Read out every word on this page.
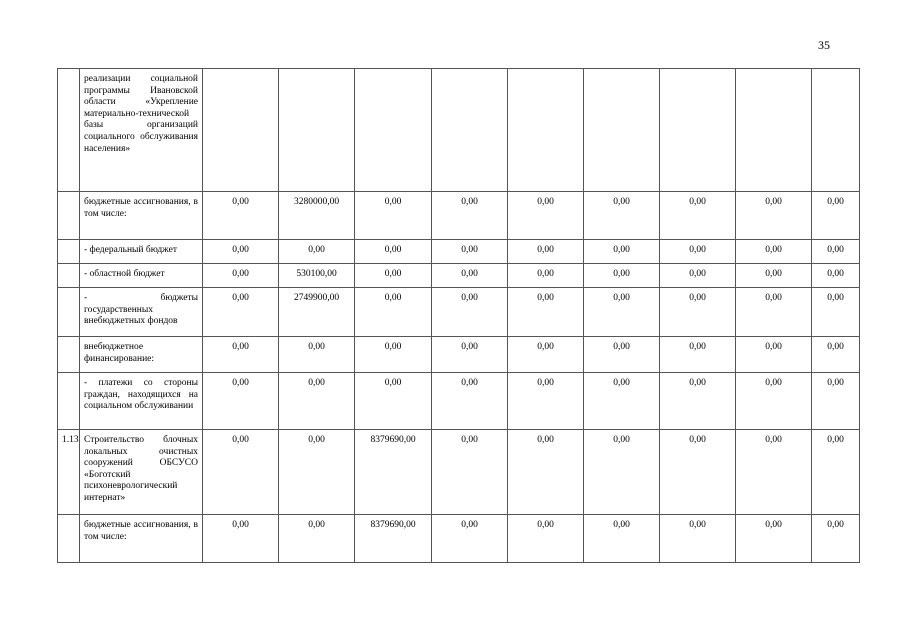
35
	реализации социальной программы Ивановской области «Укрепление материально-технической базы организаций социального обслуживания населения»									
	бюджетные ассигнования, в том числе:	0,00	3280000,00	0,00	0,00	0,00	0,00	0,00	0,00	0,00
	- федеральный бюджет	0,00	0,00	0,00	0,00	0,00	0,00	0,00	0,00	0,00
	- областной бюджет	0,00	530100,00	0,00	0,00	0,00	0,00	0,00	0,00	0,00
	- бюджеты государственных внебюджетных фондов	0,00	2749900,00	0,00	0,00	0,00	0,00	0,00	0,00	0,00
	внебюджетное финансирование:	0,00	0,00	0,00	0,00	0,00	0,00	0,00	0,00	0,00
	- платежи со стороны граждан, находящихся на социальном обслуживании	0,00	0,00	0,00	0,00	0,00	0,00	0,00	0,00	0,00
1.13	Строительство блочных локальных очистных сооружений ОБСУСО «Боготский психоневрологический интернат»	0,00	0,00	8379690,00	0,00	0,00	0,00	0,00	0,00	0,00
	бюджетные ассигнования, в том числе:	0,00	0,00	8379690,00	0,00	0,00	0,00	0,00	0,00	0,00
